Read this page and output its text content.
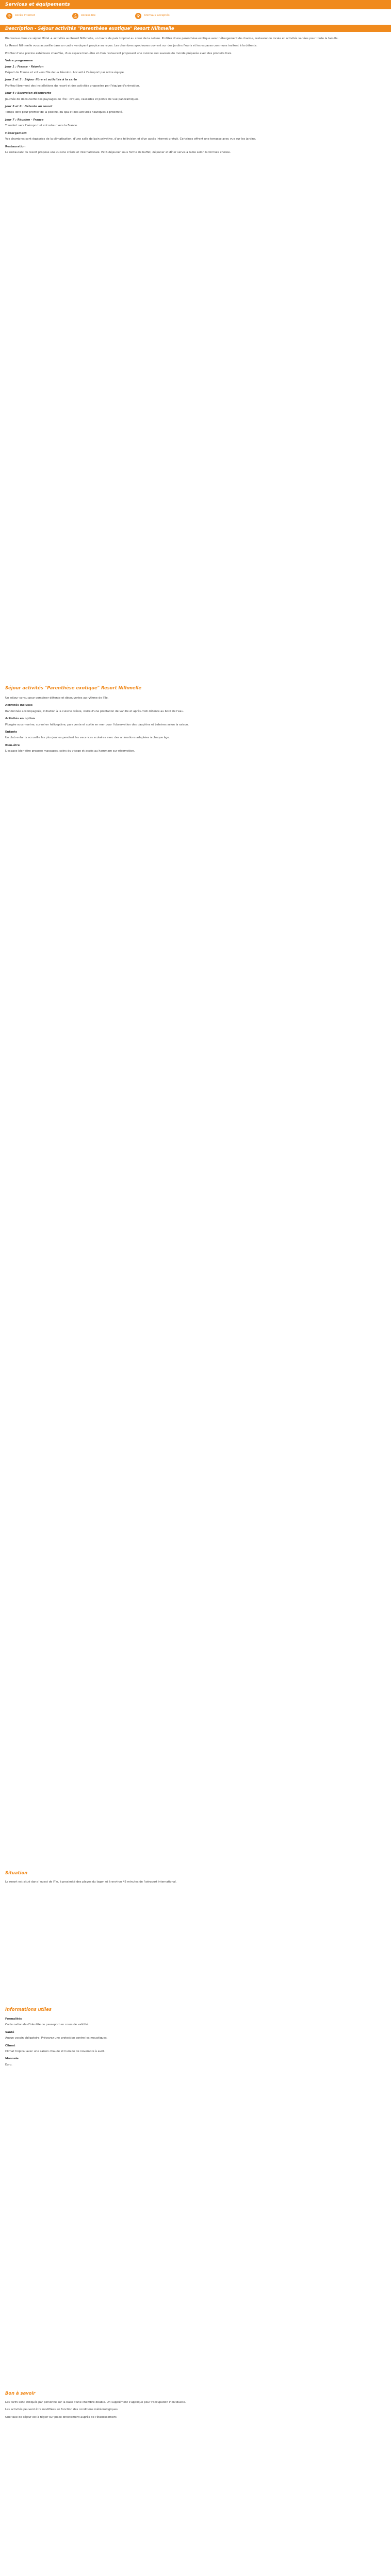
Services et équipements
Accès Internet	Accessible	Animaux acceptés
Description - Séjour activités "Parenthèse exotique" Resort Nilhmelle

Bienvenue dans ce séjour Hôtel + activités au Resort Nilhmelle, un havre de paix tropical au cœur de la nature. Profitez d'une parenthèse exotique avec hébergement de charme, restauration locale et activités variées pour toute la famille.

Le Resort Nilhmelle vous accueille dans un cadre verdoyant propice au repos. Les chambres spacieuses ouvrent sur des jardins fleuris et les espaces communs invitent à la détente.

Profitez d'une piscine extérieure chauffée, d'un espace bien-être et d'un restaurant proposant une cuisine aux saveurs du monde préparée avec des produits frais.

Votre programme

Jour 1 : France - Réunion

Départ de France et vol vers l'île de La Réunion. Accueil à l'aéroport par notre équipe.

Jour 2 et 3 : Séjour libre et activités à la carte

Profitez librement des installations du resort et des activités proposées par l'équipe d'animation.

Jour 4 : Excursion découverte

Journée de découverte des paysages de l'île : cirques, cascades et points de vue panoramiques.

Jour 5 et 6 : Détente au resort

Temps libre pour profiter de la piscine, du spa et des activités nautiques à proximité.

Jour 7 : Réunion - France

Transfert vers l'aéroport et vol retour vers la France.

Hébergement

Vos chambres sont équipées de la climatisation, d'une salle de bain privative, d'une télévision et d'un accès Internet gratuit. Certaines offrent une terrasse avec vue sur les jardins.

Restauration

Le restaurant du resort propose une cuisine créole et internationale. Petit-déjeuner sous forme de buffet, déjeuner et dîner servis à table selon la formule choisie.

Séjour activités "Parenthèse exotique" Resort Nilhmelle

Un séjour conçu pour combiner détente et découvertes au rythme de l'île.

Activités incluses

Randonnée accompagnée, initiation à la cuisine créole, visite d'une plantation de vanille et après-midi détente au bord de l'eau.

Activités en option

Plongée sous-marine, survol en hélicoptère, parapente et sortie en mer pour l'observation des dauphins et baleines selon la saison.

Enfants

Un club enfants accueille les plus jeunes pendant les vacances scolaires avec des animations adaptées à chaque âge.

Bien-être

L'espace bien-être propose massages, soins du visage et accès au hammam sur réservation.

Situation

Le resort est situé dans l'ouest de l'île, à proximité des plages du lagon et à environ 45 minutes de l'aéroport international.

Informations utiles

Formalités

Carte nationale d'identité ou passeport en cours de validité.

Santé

Aucun vaccin obligatoire. Prévoyez une protection contre les moustiques.

Climat

Climat tropical avec une saison chaude et humide de novembre à avril.

Monnaie

Euro.

Bon à savoir

Les tarifs sont indiqués par personne sur la base d'une chambre double. Un supplément s'applique pour l'occupation individuelle.

Les activités peuvent être modifiées en fonction des conditions météorologiques.

Une taxe de séjour est à régler sur place directement auprès de l'établissement.
